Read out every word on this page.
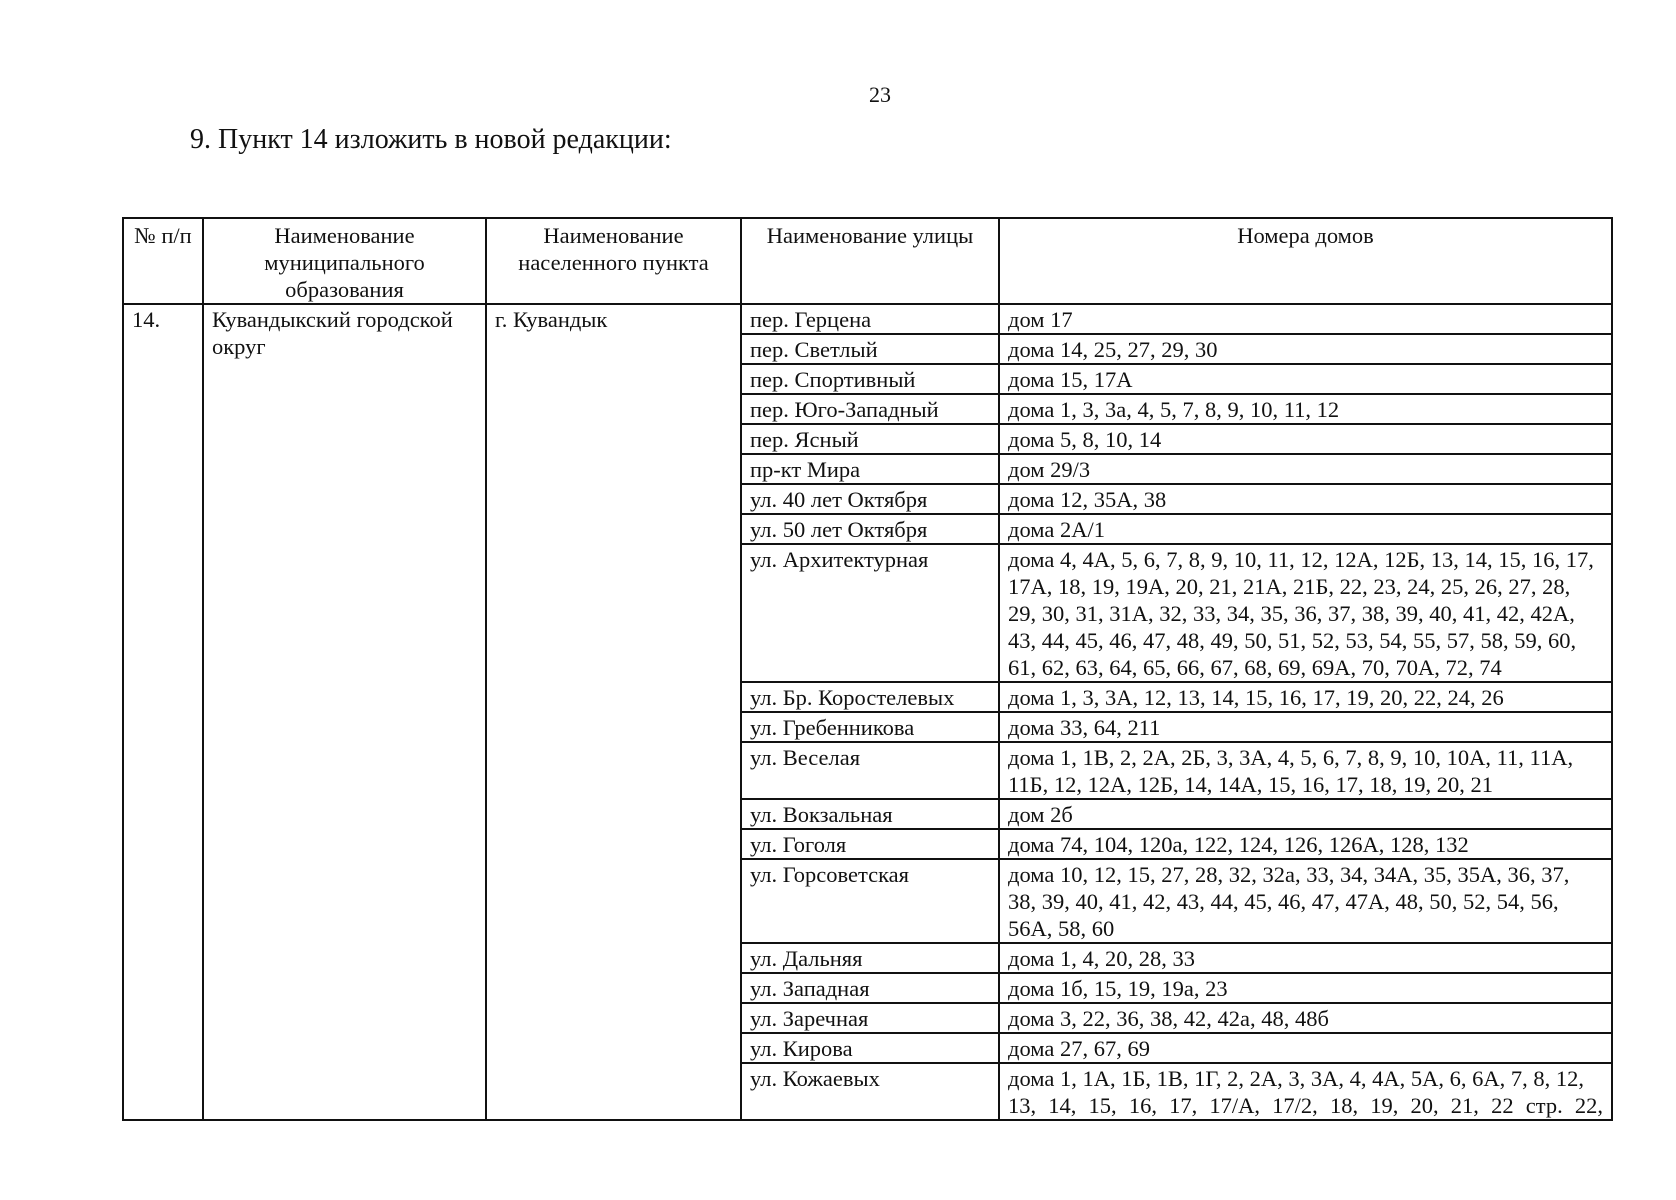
23
9. Пункт 14 изложить в новой редакции:
№ п/п	Наименование муниципального образования	Наименование населенного пункта	Наименование улицы	Номера домов
14.	Кувандыкский городской округ	г. Кувандык	пер. Герцена	дом 17
			пер. Светлый	дома 14, 25, 27, 29, 30
			пер. Спортивный	дома 15, 17А
			пер. Юго-Западный	дома 1, 3, 3а, 4, 5, 7, 8, 9, 10, 11, 12
			пер. Ясный	дома 5, 8, 10, 14
			пр-кт Мира	дом 29/3
			ул. 40 лет Октября	дома 12, 35А, 38
			ул. 50 лет Октября	дома 2А/1
			ул. Архитектурная	дома 4, 4А, 5, 6, 7, 8, 9, 10, 11, 12, 12А, 12Б, 13, 14, 15, 16, 17, 17А, 18, 19, 19А, 20, 21, 21А, 21Б, 22, 23, 24, 25, 26, 27, 28, 29, 30, 31, 31А, 32, 33, 34, 35, 36, 37, 38, 39, 40, 41, 42, 42А, 43, 44, 45, 46, 47, 48, 49, 50, 51, 52, 53, 54, 55, 57, 58, 59, 60, 61, 62, 63, 64, 65, 66, 67, 68, 69, 69А, 70, 70А, 72, 74
			ул. Бр. Коростелевых	дома 1, 3, 3А, 12, 13, 14, 15, 16, 17, 19, 20, 22, 24, 26
			ул. Гребенникова	дома 33, 64, 211
			ул. Веселая	дома 1, 1В, 2, 2А, 2Б, 3, 3А, 4, 5, 6, 7, 8, 9, 10, 10А, 11, 11А, 11Б, 12, 12А, 12Б, 14, 14А, 15, 16, 17, 18, 19, 20, 21
			ул. Вокзальная	дом 2б
			ул. Гоголя	дома 74, 104, 120а, 122, 124, 126, 126А, 128, 132
			ул. Горсоветская	дома 10, 12, 15, 27, 28, 32, 32а, 33, 34, 34А, 35, 35А, 36, 37, 38, 39, 40, 41, 42, 43, 44, 45, 46, 47, 47А, 48, 50, 52, 54, 56, 56А, 58, 60
			ул. Дальняя	дома 1, 4, 20, 28, 33
			ул. Западная	дома 1б, 15, 19, 19а, 23
			ул. Заречная	дома 3, 22, 36, 38, 42, 42а, 48, 48б
			ул. Кирова	дома 27, 67, 69
			ул. Кожаевых	дома 1, 1А, 1Б, 1В, 1Г, 2, 2А, 3, 3А, 4, 4А, 5А, 6, 6А, 7, 8, 12, 13, 14, 15, 16, 17, 17/А, 17/2, 18, 19, 20, 21, 22 стр. 22,
